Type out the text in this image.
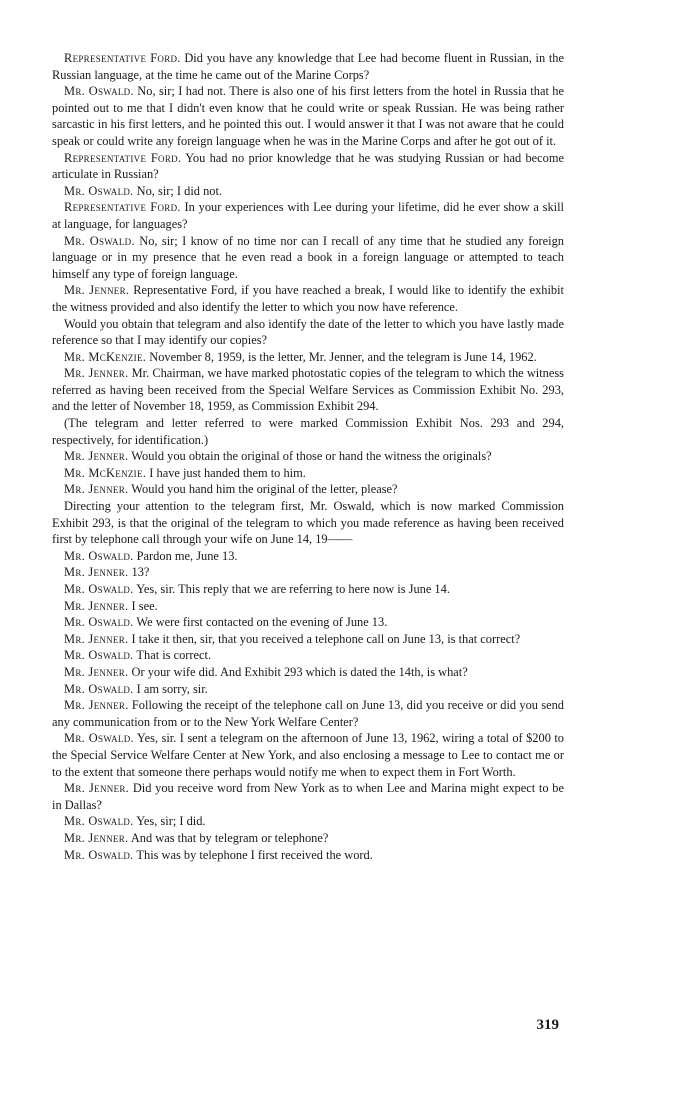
Representative Ford. Did you have any knowledge that Lee had become fluent in Russian, in the Russian language, at the time he came out of the Marine Corps?

Mr. Oswald. No, sir; I had not. There is also one of his first letters from the hotel in Russia that he pointed out to me that I didn't even know that he could write or speak Russian. He was being rather sarcastic in his first letters, and he pointed this out. I would answer it that I was not aware that he could speak or could write any foreign language when he was in the Marine Corps and after he got out of it.

Representative Ford. You had no prior knowledge that he was studying Russian or had become articulate in Russian?

Mr. Oswald. No, sir; I did not.

Representative Ford. In your experiences with Lee during your lifetime, did he ever show a skill at language, for languages?

Mr. Oswald. No, sir; I know of no time nor can I recall of any time that he studied any foreign language or in my presence that he even read a book in a foreign language or attempted to teach himself any type of foreign language.

Mr. Jenner. Representative Ford, if you have reached a break, I would like to identify the exhibit the witness provided and also identify the letter to which you now have reference.

Would you obtain that telegram and also identify the date of the letter to which you have lastly made reference so that I may identify our copies?

Mr. McKenzie. November 8, 1959, is the letter, Mr. Jenner, and the telegram is June 14, 1962.

Mr. Jenner. Mr. Chairman, we have marked photostatic copies of the telegram to which the witness referred as having been received from the Special Welfare Services as Commission Exhibit No. 293, and the letter of November 18, 1959, as Commission Exhibit 294.

(The telegram and letter referred to were marked Commission Exhibit Nos. 293 and 294, respectively, for identification.)

Mr. Jenner. Would you obtain the original of those or hand the witness the originals?

Mr. McKenzie. I have just handed them to him.

Mr. Jenner. Would you hand him the original of the letter, please?

Directing your attention to the telegram first, Mr. Oswald, which is now marked Commission Exhibit 293, is that the original of the telegram to which you made reference as having been received first by telephone call through your wife on June 14, 19——

Mr. Oswald. Pardon me, June 13.

Mr. Jenner. 13?

Mr. Oswald. Yes, sir. This reply that we are referring to here now is June 14.

Mr. Jenner. I see.

Mr. Oswald. We were first contacted on the evening of June 13.

Mr. Jenner. I take it then, sir, that you received a telephone call on June 13, is that correct?

Mr. Oswald. That is correct.

Mr. Jenner. Or your wife did. And Exhibit 293 which is dated the 14th, is what?

Mr. Oswald. I am sorry, sir.

Mr. Jenner. Following the receipt of the telephone call on June 13, did you receive or did you send any communication from or to the New York Welfare Center?

Mr. Oswald. Yes, sir. I sent a telegram on the afternoon of June 13, 1962, wiring a total of $200 to the Special Service Welfare Center at New York, and also enclosing a message to Lee to contact me or to the extent that someone there perhaps would notify me when to expect them in Fort Worth.

Mr. Jenner. Did you receive word from New York as to when Lee and Marina might expect to be in Dallas?

Mr. Oswald. Yes, sir; I did.

Mr. Jenner. And was that by telegram or telephone?

Mr. Oswald. This was by telephone I first received the word.

319
